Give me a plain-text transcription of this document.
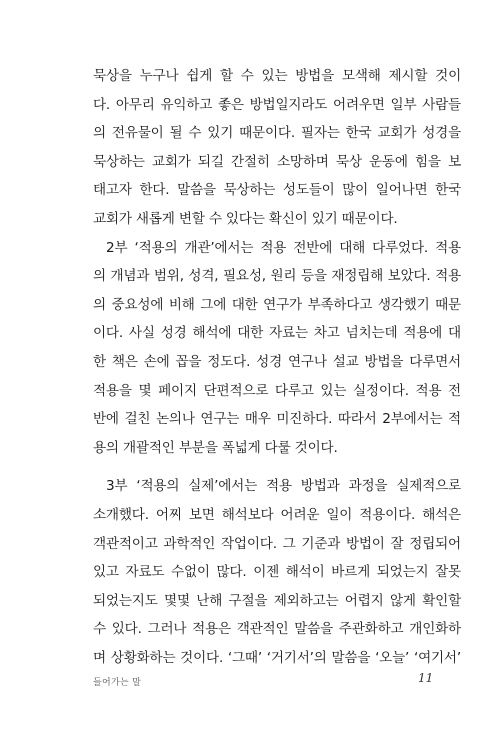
묵상을 누구나 쉽게 할 수 있는 방법을 모색해 제시할 것이
다. 아무리 유익하고 좋은 방법일지라도 어려우면 일부 사람들
의 전유물이 될 수 있기 때문이다. 필자는 한국 교회가 성경을
묵상하는 교회가 되길 간절히 소망하며 묵상 운동에 힘을 보
태고자 한다. 말씀을 묵상하는 성도들이 많이 일어나면 한국
교회가 새롭게 변할 수 있다는 확신이 있기 때문이다.
2부 ‘적용의 개관’에서는 적용 전반에 대해 다루었다. 적용
의 개념과 범위, 성격, 필요성, 원리 등을 재정립해 보았다. 적용
의 중요성에 비해 그에 대한 연구가 부족하다고 생각했기 때문
이다. 사실 성경 해석에 대한 자료는 차고 넘치는데 적용에 대
한 책은 손에 꼽을 정도다. 성경 연구나 설교 방법을 다루면서
적용을 몇 페이지 단편적으로 다루고 있는 실정이다. 적용 전
반에 걸친 논의나 연구는 매우 미진하다. 따라서 2부에서는 적
용의 개괄적인 부분을 폭넓게 다룰 것이다.
3부 ‘적용의 실제’에서는 적용 방법과 과정을 실제적으로
소개했다. 어찌 보면 해석보다 어려운 일이 적용이다. 해석은
객관적이고 과학적인 작업이다. 그 기준과 방법이 잘 정립되어
있고 자료도 수없이 많다. 이젠 해석이 바르게 되었는지 잘못
되었는지도 몇몇 난해 구절을 제외하고는 어렵지 않게 확인할
수 있다. 그러나 적용은 객관적인 말씀을 주관화하고 개인화하
며 상황화하는 것이다. ‘그때’ ‘거기서’의 말씀을 ‘오늘’ ‘여기서’
들어가는 말	11
